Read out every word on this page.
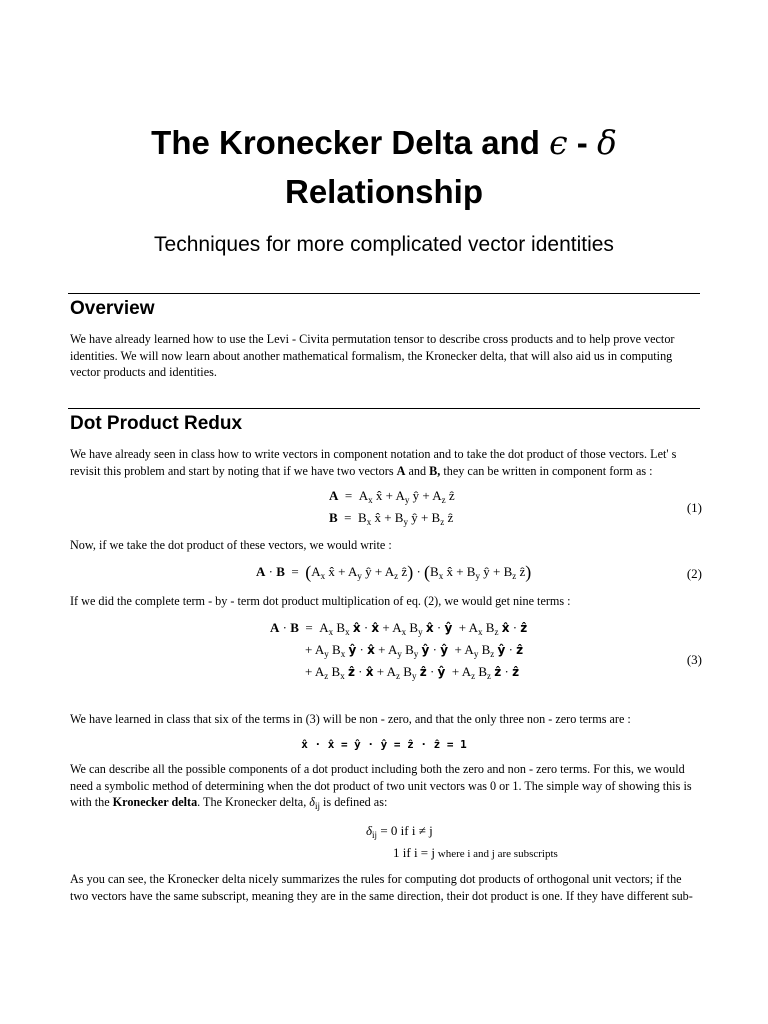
The Kronecker Delta and ϵ - δ
Relationship
Techniques for more complicated vector identities
Overview
We have already learned how to use the Levi - Civita permutation tensor to describe cross products and to help prove vector identities. We will now learn about another mathematical formalism, the Kronecker delta, that will also aid us in computing vector products and identities.
Dot Product Redux
We have already seen in class how to write vectors in component notation and to take the dot product of those vectors. Let' s revisit this problem and start by noting that if we have two vectors A and B, they can be written in component form as :
$A = A_x$ x̂ + $A_y$ ŷ + $A_z$ ẑ
$B = B_x$ x̂ + $B_y$ ŷ + $B_z$ ẑ
(1)
Now, if we take the dot product of these vectors, we would write :
$A \cdot B = (A_x$ x̂ + $A_y$ ŷ + $A_z$ ẑ) · ($B_x$ x̂ + $B_y$ ŷ + $B_z$ ẑ)	(2)
If we did the complete term - by - term dot product multiplication of eq. (2), we would get nine terms :
$A \cdot B = A_x$ $B_x$ x̂ · x̂ + $A_x$ $B_y$ x̂ · ŷ  + $A_x$ $B_z$ x̂ · ẑ
+ $A_y$ $B_x$ ŷ · x̂ + $A_y$ $B_y$ ŷ · ŷ  + $A_y$ $B_z$ ŷ · ẑ
+ $A_z$ $B_x$ ẑ · x̂ + $A_z$ $B_y$ ẑ · ŷ  + $A_z$ $B_z$ ẑ · ẑ
(3)
We have learned in class that six of the terms in (3) will be non - zero, and that the only three non - zero terms are :
x̂ · x̂ = ŷ · ŷ = ẑ · ẑ = 1
We can describe all the possible components of a dot product including both the zero and non - zero terms. For this, we would need a symbolic method of determining when the dot product of two unit vectors was 0 or 1. The simple way of showing this is with the Kronecker delta. The Kronecker delta, $\delta_{ij}$ is defined as:
$\delta_{ij} = 0$ if i ≠ j
1 if i = j where i and j are subscripts
As you can see, the Kronecker delta nicely summarizes the rules for computing dot products of orthogonal unit vectors; if the two vectors have the same subscript, meaning they are in the same direction, their dot product is one. If they have different sub-
